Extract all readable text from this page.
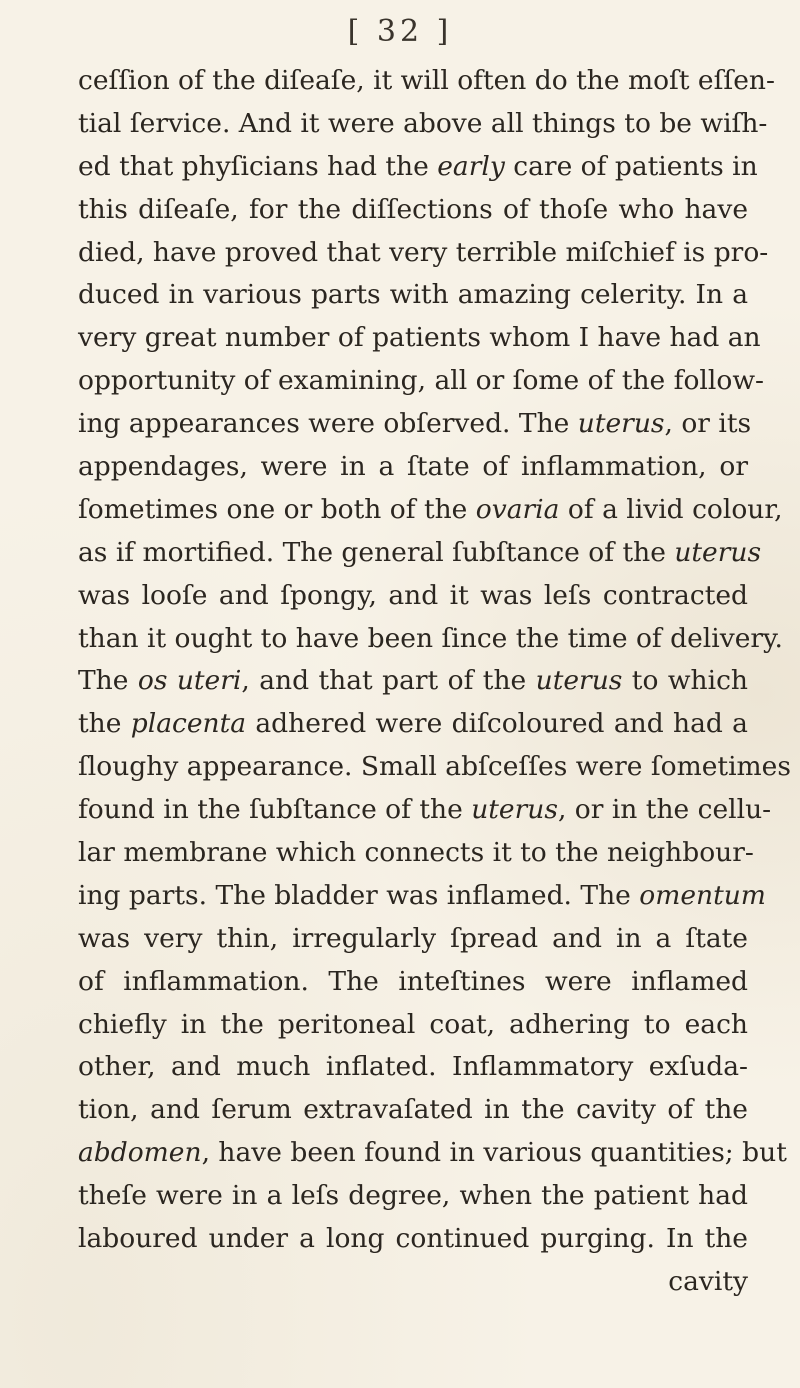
[ 32 ]
ceſſion of the diſeaſe, it will often do the moſt eſſen-
tial ſervice. And it were above all things to be wiſh-
ed that phyſicians had the early care of patients in
this diſeaſe, for the diſſections of thoſe who have
died, have proved that very terrible miſchief is pro-
duced in various parts with amazing celerity. In a
very great number of patients whom I have had an
opportunity of examining, all or ſome of the follow-
ing appearances were obſerved. The uterus, or its
appendages, were in a ſtate of inflammation, or
ſometimes one or both of the ovaria of a livid colour,
as if mortified. The general ſubſtance of the uterus
was looſe and ſpongy, and it was leſs contracted
than it ought to have been ſince the time of delivery.
The os uteri, and that part of the uterus to which
the placenta adhered were diſcoloured and had a
ſloughy appearance. Small abſceſſes were ſometimes
found in the ſubſtance of the uterus, or in the cellu-
lar membrane which connects it to the neighbour-
ing parts. The bladder was inflamed. The omentum
was very thin, irregularly ſpread and in a ſtate
of inflammation. The inteſtines were inflamed
chiefly in the peritoneal coat, adhering to each
other, and much inflated. Inflammatory exſuda-
tion, and ſerum extravaſated in the cavity of the
abdomen, have been found in various quantities; but
theſe were in a leſs degree, when the patient had
laboured under a long continued purging. In the
cavity
